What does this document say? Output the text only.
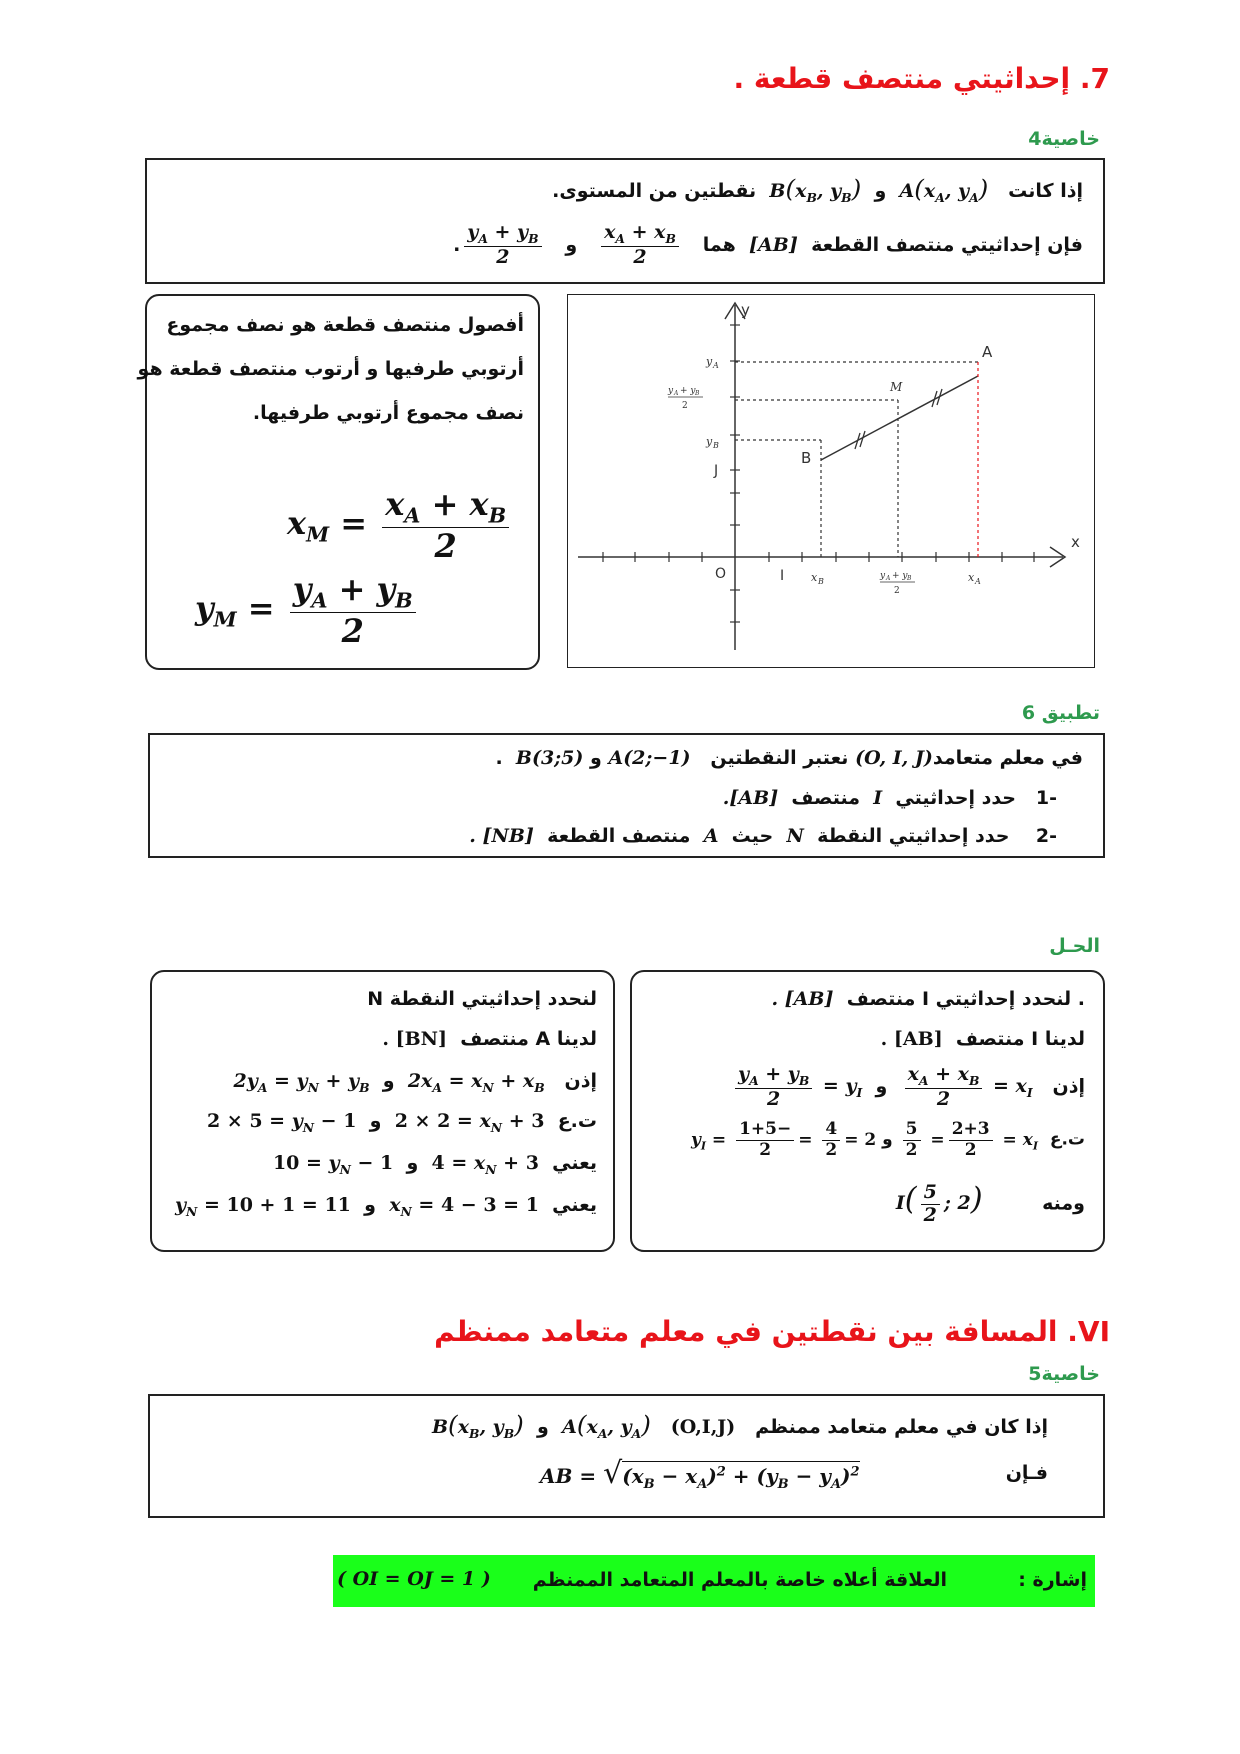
7. إحداثيتي منتصف قطعة .
خاصية4
إذا كانت   $A(x_A$, $y_A$)  و  $B(x_B$, $y_B$)  نقطتين من المستوى.
فإن إحداثيتي منتصف القطعة  [AB]  هما
$\frac{x_A + x_B}{2}$
و
$\frac{y_A + y_B}{2}$
.
أفصول منتصف قطعة هو نصف مجموع
أرتوبي طرفيها و أرتوب منتصف قطعة هو
نصف مجموع أرتوبي طرفيها.
$x_M = \frac{x_A + x_B}{2}$
$y_M = \frac{y_A + y_B}{2}$
y
x
A
B
M
O	I
J
y A
y B
x B	x A
y A + y B
2
y A + y B
2
تطبيق 6
في معلم متعامد(O, I, J) نعتبر النقطتين   A(2;−1) و B(3;5)  .
-1   حدد إحداثيتي  I  منتصف  [AB].
-2    حدد إحداثيتي النقطة  N  حيث  A  منتصف القطعة  [NB] .
الحـل
. لنحدد إحداثيتي I منتصف  [AB] .
لدينا I منتصف  [AB] .
إذن   $x_I$ =
$\frac{x_A + x_B}{2}$
و  $y_I$ =
$\frac{y_A + y_B}{2}$
ت.ع  $x_I$ =
$\frac{2+3}{2}$
=
$\frac{5}{2}$
و $y_I = \frac{-1+5}{2} = \frac{4}{2} = 2$
ومنه         $I( \frac{5}{2}$ ; 2)
لنحدد إحداثيتي النقطة N
لدينا A منتصف  [BN] .
إذن   $2x_A = x_N + x_B$  و  $2y_A = y_N + y_B$
ت.ع  $2 \times 2 = x_N + 3$  و  $2 \times 5 = y_N - 1$
يعني  $4 = x_N + 3$  و  $10 = y_N - 1$
يعني  $x_N = 4 - 3 = 1$  و  $y_N = 10 + 1 = 11$
VI. المسافة بين نقطتين في معلم متعامد ممنظم
خاصية5
إذا كان في معلم متعامد ممنظم   (O,I,J)   $A(x_A$, $y_A$)  و  $B(x_B$, $y_B$)
فـإن
AB = $√(x_B - x_A)^2 + (y_B - y_A)^2$
إشارة :
العلاقة أعلاه خاصة بالمعلم المتعامد الممنظم
( OI = OJ = 1 )
